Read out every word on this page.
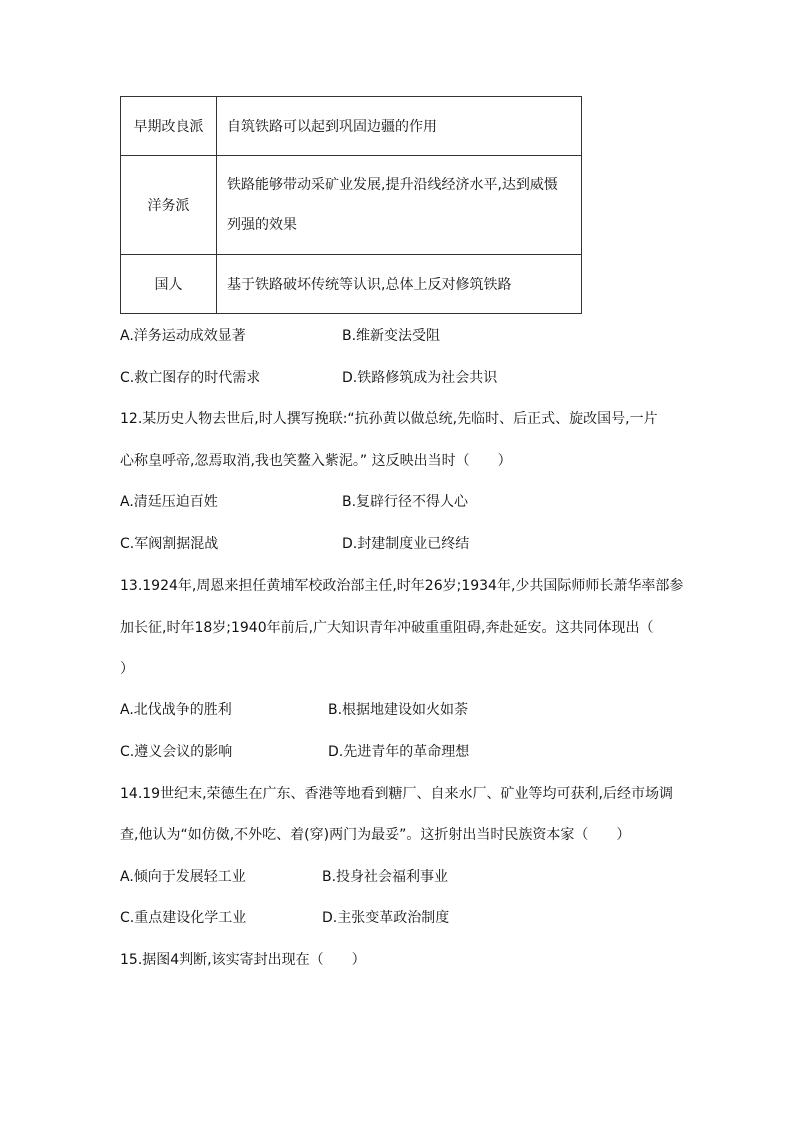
早期改良派	自筑铁路可以起到巩固边疆的作用
洋务派	铁路能够带动采矿业发展,提升沿线经济水平,达到威慑
列强的效果

国人	基于铁路破坏传统等认识,总体上反对修筑铁路
A.洋务运动成效显著	B.维新变法受阻
C.救亡图存的时代需求	D.铁路修筑成为社会共识
12.某历史人物去世后,时人撰写挽联:“抗孙黄以做总统,先临时、后正式、旋改国号,一片
心称皇呼帝,忽焉取消,我也笑鳌入紫泥。” 这反映出当时（　　）
A.清廷压迫百姓	B.复辟行径不得人心
C.军阀割据混战	D.封建制度业已终结
13.1924年,周恩来担任黄埔军校政治部主任,时年26岁;1934年,少共国际师师长萧华率部参
加长征,时年18岁;1940年前后,广大知识青年冲破重重阻碍,奔赴延安。这共同体现出（
）
A.北伐战争的胜利	B.根据地建设如火如荼
C.遵义会议的影响	D.先进青年的革命理想
14.19世纪末,荣德生在广东、香港等地看到糖厂、自来水厂、矿业等均可获利,后经市场调
查,他认为“如仿傚,不外吃、着(穿)两门为最妥”。这折射出当时民族资本家（　　）
A.倾向于发展轻工业	B.投身社会福利事业
C.重点建设化学工业	D.主张变革政治制度
15.据图4判断,该实寄封出现在（　　）
